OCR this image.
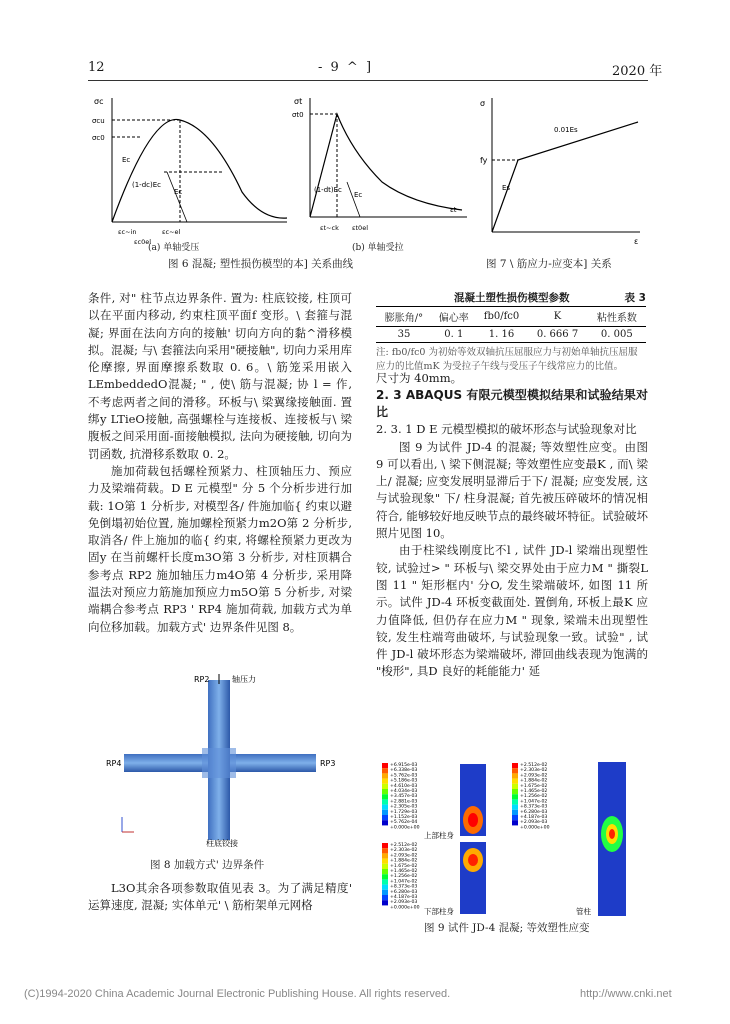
12	- 9 ^ ]	2020 年
σc
σcu
σc0
Ec
(1-dc)Ec
Ec
εc~in	εc~el
εc0el
(a) 单轴受压
σt
σt0
(1-dt)Ec
Ec
εt~ck εt0el
εt
(b) 单轴受拉
图 6 混凝; 塑性损伤模型的本] 关系曲线
σ
fy
Es
0.01Es
ε
图 7 \ 筋应力-应变本] 关系

条件, 对" 柱节点边界条件. 置为: 柱底铰接, 柱顶可以在平面内移动, 约束柱顶平面f 变形。\ 套箍与混凝; 界面在法向方向的接触' 切向方向的黏^滑移模拟。混凝; 与\ 套箍法向采用"硬接触", 切向力采用库伦摩擦, 界面摩擦系数取 0. 6。\ 筋笼采用嵌入LEmbeddedO混凝; " , 使\ 筋与混凝; 协 l = 作, 不考虑两者之间的滑移。环板与\ 梁翼缘接触面. 置绑y LTieO接触, 高强螺栓与连接板、连接板与\ 梁腹板之间采用面-面接触模拟, 法向为硬接触, 切向为罚函数, 抗滑移系数取 0. 2。

施加荷载包括螺栓预紧力、柱顶轴压力、预应力及梁端荷载。D E 元模型" 分 5 个分析步进行加载: 1O第 1 分析步, 对模型各/ 件施加临{ 约束以避免倒塌初始位置, 施加螺栓预紧力m2O第 2 分析步, 取消各/ 件上施加的临{ 约束, 将螺栓预紧力更改为固y 在当前螺杆长度m3O第 3 分析步, 对柱顶耦合参考点 RP2 施加轴压力m4O第 4 分析步, 采用降温法对预应力筋施加预应力m5O第 5 分析步, 对梁端耦合参考点 RP3 ' RP4 施加荷载, 加载方式为单向位移加载。加载方式' 边界条件见图 8。

RP2	轴压力
RP4	RP3
柱底铰接
图 8 加载方式' 边界条件

L3O其余各项参数取值见表 3。为了满足精度' 运算速度, 混凝; 实体单元' \ 筋桁架单元网格

混凝土塑性损伤模型参数	表 3
膨胀角/°	偏心率	fb0/fc0	K	粘性系数
35	0. 1	1. 16	0. 666 7	0. 005
注: fb0/fc0 为初始等效双轴抗压屈服应力与初始单轴抗压屈服应力的比值mK 为受拉子午线与受压子午线常应力的比值。

尺寸为 40mm。

2. 3 ABAQUS 有限元模型模拟结果和试验结果对比

2. 3. 1 D E 元模型模拟的破坏形态与试验现象对比

图 9 为试件 JD-4 的混凝; 等效塑性应变。由图 9 可以看出, \ 梁下侧混凝; 等效塑性应变最K , 而\ 梁上/ 混凝; 应变发展明显滞后于下/ 混凝; 应变发展, 这与试验现象" 下/ 柱身混凝; 首先被压碎破坏的情况相符合, 能够较好地反映节点的最终破坏特征。试验破坏照片见图 10。

由于柱梁线刚度比不l , 试件 JD-l 梁端出现塑性铰, 试验过> " 环板与\ 梁交界处由于应力M " 撕裂L图 11 " 矩形框内' 分O, 发生梁端破坏, 如图 11 所示。试件 JD-4 环板变截面处. 置倒角, 环板上最K 应力值降低, 但仍存在应力M " 现象, 梁端未出现塑性铰, 发生柱端弯曲破坏, 与试验现象一致。试验" , 试件 JD-l 破坏形态为梁端破坏, 滞回曲线表现为饱满的 "梭形", 具D 良好的耗能能力' 延

上部柱身
下部柱身	管柱
+6.915e-03
+6.338e-03
+5.762e-03
+5.186e-03
+4.610e-03
+4.034e-03
+3.457e-03
+2.881e-03
+2.305e-03
+1.729e-03
+1.152e-03
+5.762e-04
+0.000e+00
+2.512e-02
+2.303e-02
+2.093e-02
+1.884e-02
+1.675e-02
+1.465e-02
+1.256e-02
+1.047e-02
+8.373e-03
+6.280e-03
+4.187e-03
+2.093e-03
+0.000e+00
+2.512e-02
+2.303e-02
+2.093e-02
+1.884e-02
+1.675e-02
+1.465e-02
+1.256e-02
+1.047e-02
+8.373e-03
+6.280e-03
+4.187e-03
+2.093e-03
+0.000e+00
图 9 试件 JD-4 混凝; 等效塑性应变
(C)1994-2020 China Academic Journal Electronic Publishing House. All rights reserved.	http://www.cnki.net
